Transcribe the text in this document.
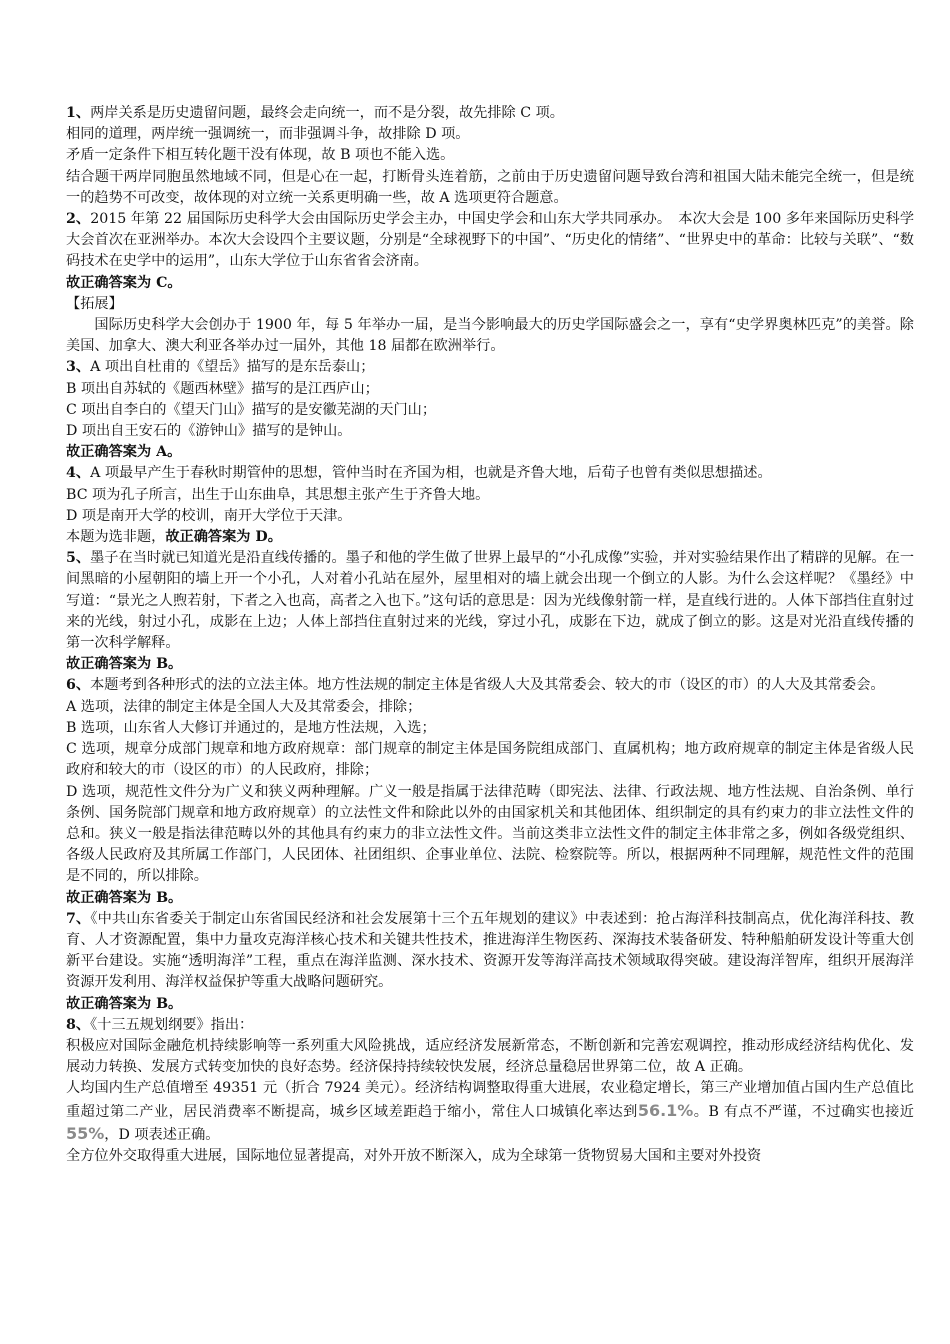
1、两岸关系是历史遗留问题，最终会走向统一，而不是分裂，故先排除 C 项。

相同的道理，两岸统一强调统一，而非强调斗争，故排除 D 项。

矛盾一定条件下相互转化题干没有体现，故 B 项也不能入选。

结合题干两岸同胞虽然地域不同，但是心在一起，打断骨头连着筋，之前由于历史遗留问题导致台湾和祖国大陆未能完全统一，但是统一的趋势不可改变，故体现的对立统一关系更明确一些，故 A 选项更符合题意。

2、2015 年第 22 届国际历史科学大会由国际历史学会主办，中国史学会和山东大学共同承办。　本次大会是 100 多年来国际历史科学大会首次在亚洲举办。本次大会设四个主要议题，分别是“全球视野下的中国”、“历史化的情绪”、“世界史中的革命：比较与关联”、“数码技术在史学中的运用”，山东大学位于山东省省会济南。

故正确答案为 C。

【拓展】

国际历史科学大会创办于 1900 年，每 5 年举办一届，是当今影响最大的历史学国际盛会之一，享有“史学界奥林匹克”的美誉。除美国、加拿大、澳大利亚各举办过一届外，其他 18 届都在欧洲举行。

3、A 项出自杜甫的《望岳》描写的是东岳泰山；

B 项出自苏轼的《题西林壁》描写的是江西庐山；

C 项出自李白的《望天门山》描写的是安徽芜湖的天门山；

D 项出自王安石的《游钟山》描写的是钟山。

故正确答案为 A。

4、A 项最早产生于春秋时期管仲的思想，管仲当时在齐国为相，也就是齐鲁大地，后荀子也曾有类似思想描述。

BC 项为孔子所言，出生于山东曲阜，其思想主张产生于齐鲁大地。

D 项是南开大学的校训，南开大学位于天津。

本题为选非题，故正确答案为 D。

5、墨子在当时就已知道光是沿直线传播的。墨子和他的学生做了世界上最早的“小孔成像”实验，并对实验结果作出了精辟的见解。在一间黑暗的小屋朝阳的墙上开一个小孔，人对着小孔站在屋外，屋里相对的墙上就会出现一个倒立的人影。为什么会这样呢？《墨经》中写道：“景光之人煦若射，下者之入也高，高者之入也下。”这句话的意思是：因为光线像射箭一样，是直线行进的。人体下部挡住直射过来的光线，射过小孔，成影在上边；人体上部挡住直射过来的光线，穿过小孔，成影在下边，就成了倒立的影。这是对光沿直线传播的第一次科学解释。

故正确答案为 B。

6、本题考到各种形式的法的立法主体。地方性法规的制定主体是省级人大及其常委会、较大的市（设区的市）的人大及其常委会。

A 选项，法律的制定主体是全国人大及其常委会，排除；

B 选项，山东省人大修订并通过的，是地方性法规，入选；

C 选项，规章分成部门规章和地方政府规章：部门规章的制定主体是国务院组成部门、直属机构；地方政府规章的制定主体是省级人民政府和较大的市（设区的市）的人民政府，排除；

D 选项，规范性文件分为广义和狭义两种理解。广义一般是指属于法律范畴（即宪法、法律、行政法规、地方性法规、自治条例、单行条例、国务院部门规章和地方政府规章）的立法性文件和除此以外的由国家机关和其他团体、组织制定的具有约束力的非立法性文件的总和。狭义一般是指法律范畴以外的其他具有约束力的非立法性文件。当前这类非立法性文件的制定主体非常之多，例如各级党组织、各级人民政府及其所属工作部门，人民团体、社团组织、企事业单位、法院、检察院等。所以，根据两种不同理解，规范性文件的范围是不同的，所以排除。

故正确答案为 B。

7、《中共山东省委关于制定山东省国民经济和社会发展第十三个五年规划的建议》中表述到：抢占海洋科技制高点，优化海洋科技、教育、人才资源配置，集中力量攻克海洋核心技术和关键共性技术，推进海洋生物医药、深海技术装备研发、特种船舶研发设计等重大创新平台建设。实施“透明海洋”工程，重点在海洋监测、深水技术、资源开发等海洋高技术领域取得突破。建设海洋智库，组织开展海洋资源开发利用、海洋权益保护等重大战略问题研究。

故正确答案为 B。

8、《十三五规划纲要》指出：

积极应对国际金融危机持续影响等一系列重大风险挑战，适应经济发展新常态，不断创新和完善宏观调控，推动形成经济结构优化、发展动力转换、发展方式转变加快的良好态势。经济保持持续较快发展，经济总量稳居世界第二位，故 A 正确。

人均国内生产总值增至 49351 元（折合 7924 美元）。经济结构调整取得重大进展，农业稳定增长，第三产业增加值占国内生产总值比重超过第二产业，居民消费率不断提高，城乡区域差距趋于缩小，常住人口城镇化率达到56.1%。B 有点不严谨，不过确实也接近55%，D 项表述正确。

全方位外交取得重大进展，国际地位显著提高，对外开放不断深入，成为全球第一货物贸易大国和主要对外投资
